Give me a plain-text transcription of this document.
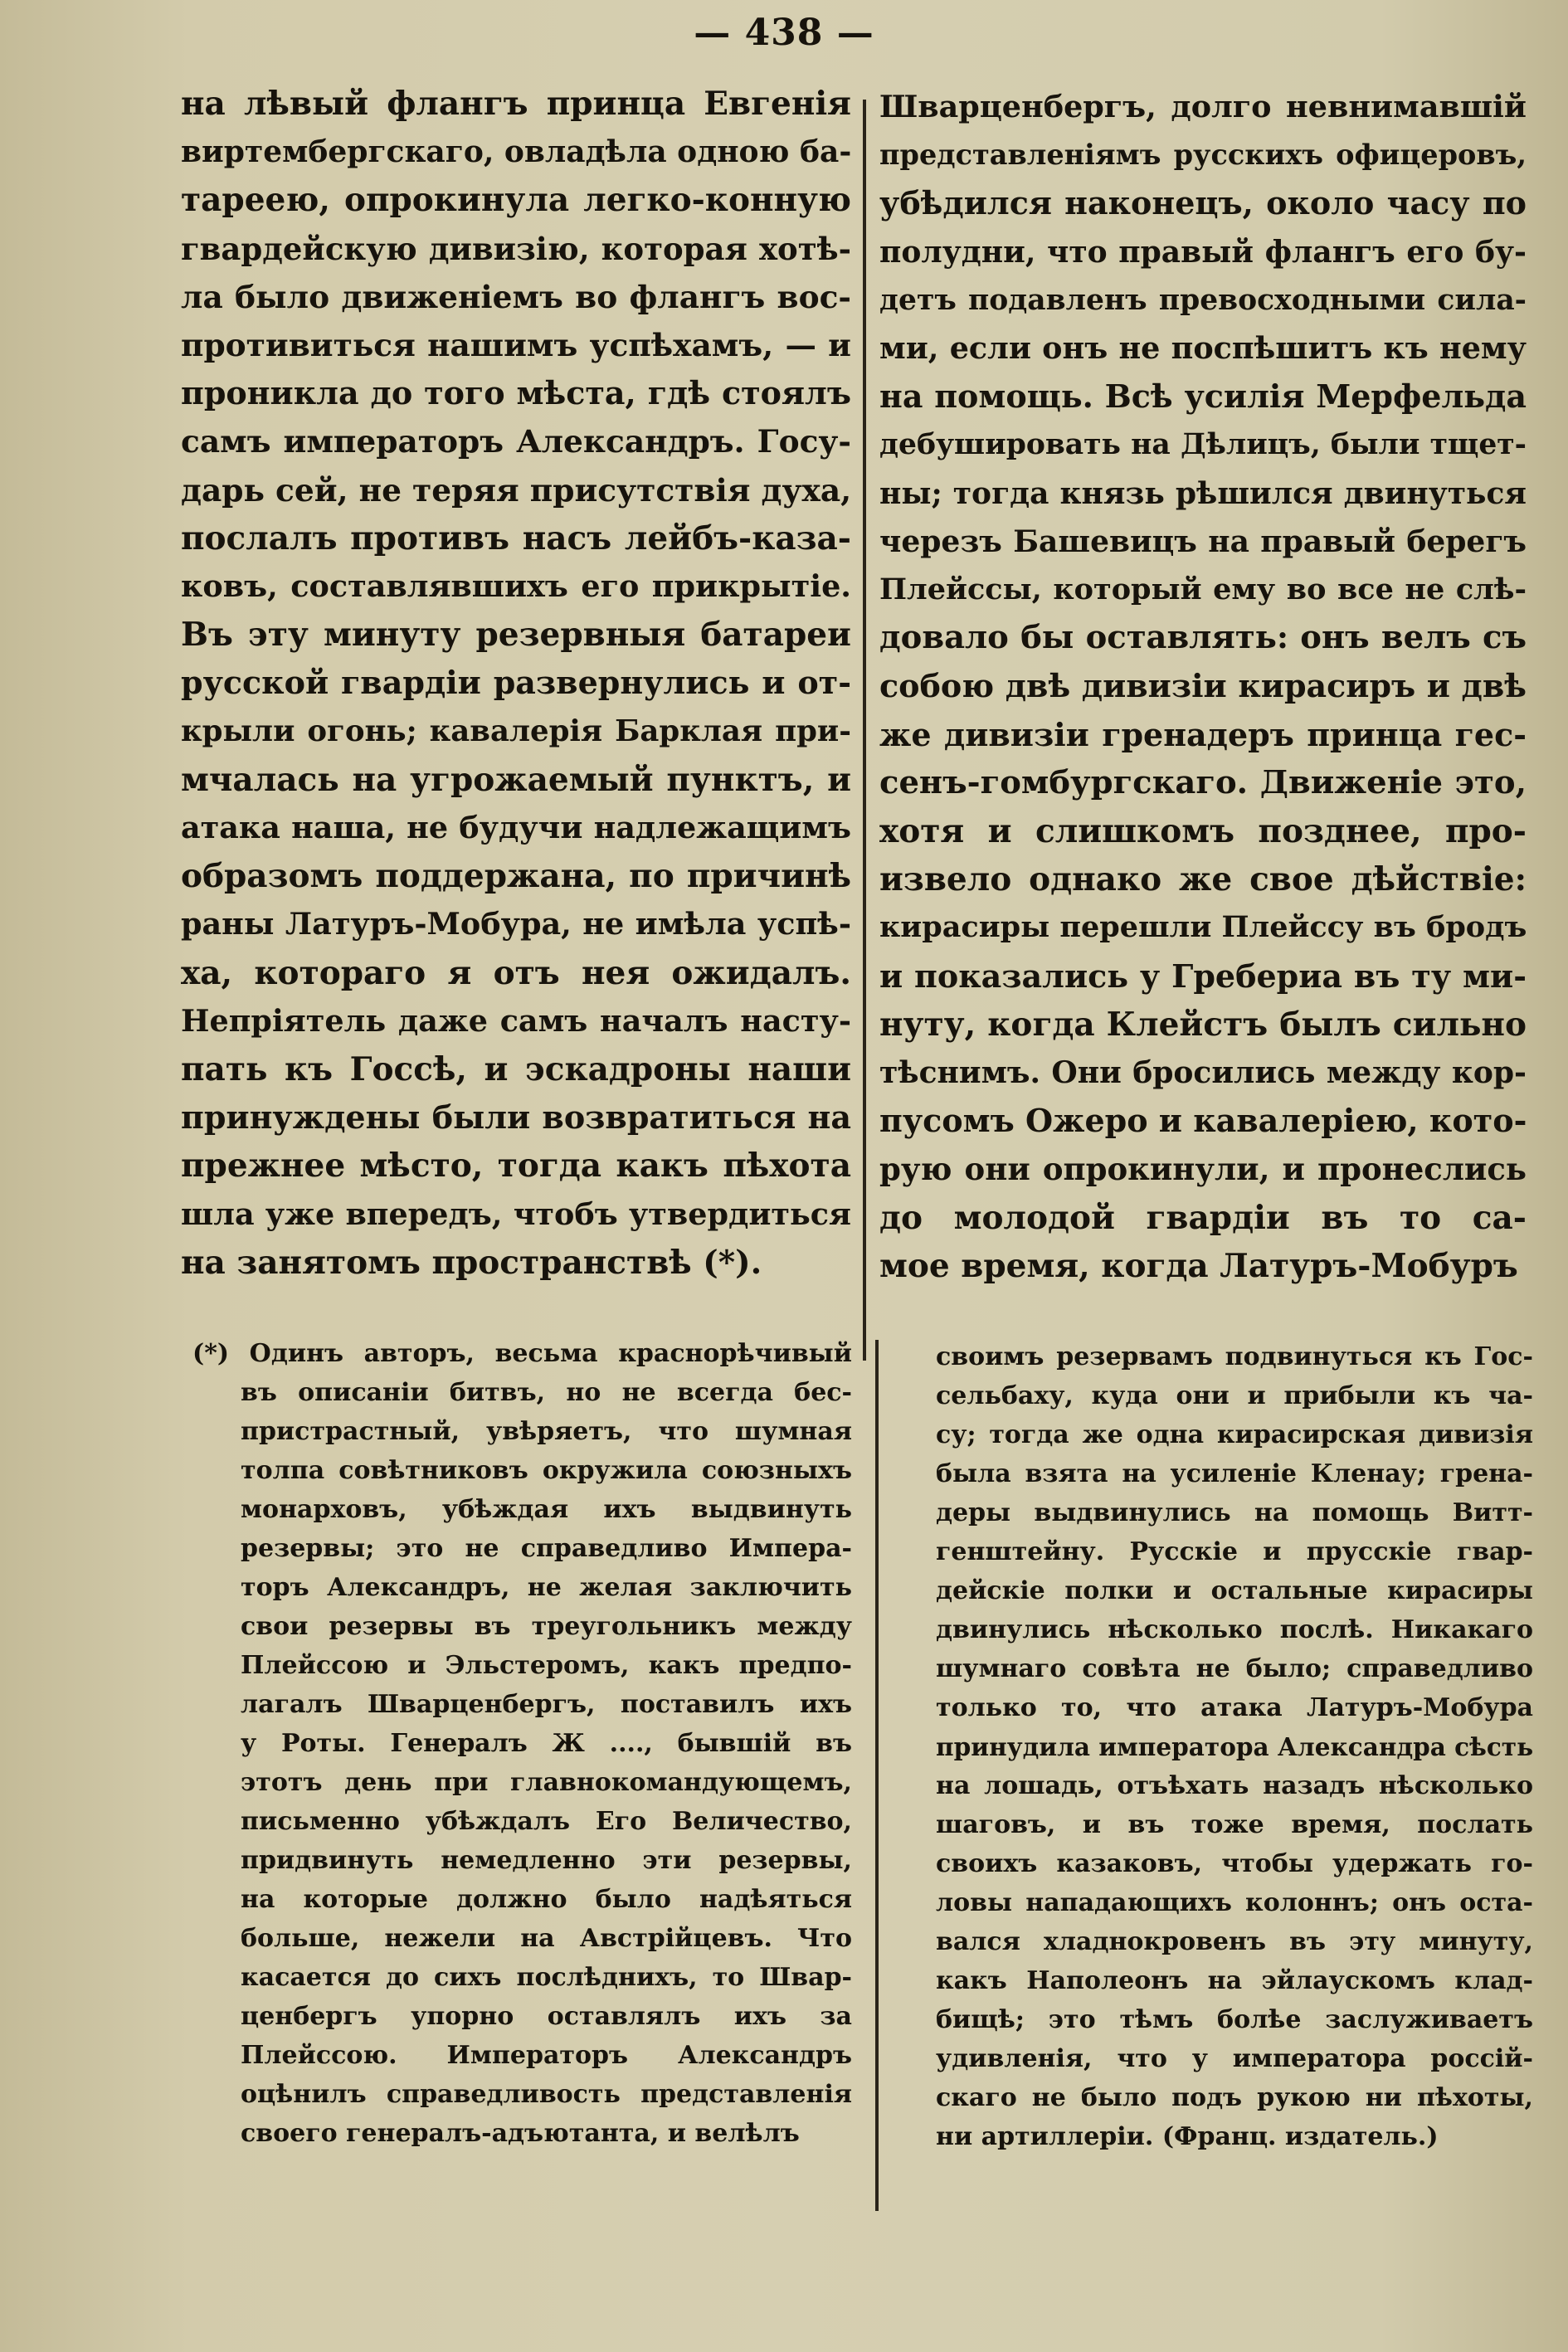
— 438 —
на лѣвый флангъ принца Евгенія
виртембергскаго, овладѣла одною ба-
тареею, опрокинула легко-конную
гвардейскую дивизію, которая хотѣ-
ла было движеніемъ во флангъ вос-
противиться нашимъ успѣхамъ, — и
проникла до того мѣста, гдѣ стоялъ
самъ императоръ Александръ. Госу-
дарь сей, не теряя присутствія духа,
послалъ противъ насъ лейбъ-каза-
ковъ, составлявшихъ его прикрытіе.
Въ эту минуту резервныя батареи
русской гвардіи развернулись и от-
крыли огонь; кавалерія Барклая при-
мчалась на угрожаемый пунктъ, и
атака наша, не будучи надлежащимъ
образомъ поддержана, по причинѣ
раны Латуръ-Мобура, не имѣла успѣ-
ха, котораго я отъ нея ожидалъ.
Непріятель даже самъ началъ насту-
пать къ Госсѣ, и эскадроны наши
принуждены были возвратиться на
прежнее мѣсто, тогда какъ пѣхота
шла уже впередъ, чтобъ утвердиться
на занятомъ пространствѣ (*).
Шварценбергъ, долго невнимавшій
представленіямъ русскихъ офицеровъ,
убѣдился наконецъ, около часу по
полудни, что правый флангъ его бу-
детъ подавленъ превосходными сила-
ми, если онъ не поспѣшитъ къ нему
на помощь. Всѣ усилія Мерфельда
дебушировать на Дѣлицъ, были тщет-
ны; тогда князь рѣшился двинуться
черезъ Башевицъ на правый берегъ
Плейссы, который ему во все не слѣ-
довало бы оставлять: онъ велъ съ
собою двѣ дивизіи кирасиръ и двѣ
же дивизіи гренадеръ принца гес-
сенъ-гомбургскаго. Движеніе это,
хотя и слишкомъ позднее, про-
извело однако же свое дѣйствіе:
кирасиры перешли Плейссу въ бродъ
и показались у Гребериа въ ту ми-
нуту, когда Клейстъ былъ сильно
тѣснимъ. Они бросились между кор-
пусомъ Ожеро и кавалеріею, кото-
рую они опрокинули, и пронеслись
до молодой гвардіи въ то са-
мое время, когда Латуръ-Мобуръ
(*) Одинъ авторъ, весьма краснорѣчивый
въ описаніи битвъ, но не всегда бес-
пристрастный, увѣряетъ, что шумная
толпа совѣтниковъ окружила союзныхъ
монарховъ, убѣждая ихъ выдвинуть
резервы; это не справедливо Импера-
торъ Александръ, не желая заключить
свои резервы въ треугольникъ между
Плейссою и Эльстеромъ, какъ предпо-
лагалъ Шварценбергъ, поставилъ ихъ
у Роты. Генералъ Ж ...., бывшій въ
этотъ день при главнокомандующемъ,
письменно убѣждалъ Его Величество,
придвинуть немедленно эти резервы,
на которые должно было надѣяться
больше, нежели на Австрійцевъ. Что
касается до сихъ послѣднихъ, то Швар-
ценбергъ упорно оставлялъ ихъ за
Плейссою. Императоръ Александръ
оцѣнилъ справедливость представленія
своего генералъ-адъютанта, и велѣлъ
своимъ резервамъ подвинуться къ Гос-
сельбаху, куда они и прибыли къ ча-
су; тогда же одна кирасирская дивизія
была взята на усиленіе Кленау; грена-
деры выдвинулись на помощь Витт-
генштейну. Русскіе и прусскіе гвар-
дейскіе полки и остальные кирасиры
двинулись нѣсколько послѣ. Никакаго
шумнаго совѣта не было; справедливо
только то, что атака Латуръ-Мобура
принудила императора Александра сѣсть
на лошадь, отъѣхать назадъ нѣсколько
шаговъ, и въ тоже время, послать
своихъ казаковъ, чтобы удержать го-
ловы нападающихъ колоннъ; онъ оста-
вался хладнокровенъ въ эту минуту,
какъ Наполеонъ на эйлаускомъ клад-
бищѣ; это тѣмъ болѣе заслуживаетъ
удивленія, что у императора россій-
скаго не было подъ рукою ни пѣхоты,
ни артиллеріи. (Франц. издатель.)
